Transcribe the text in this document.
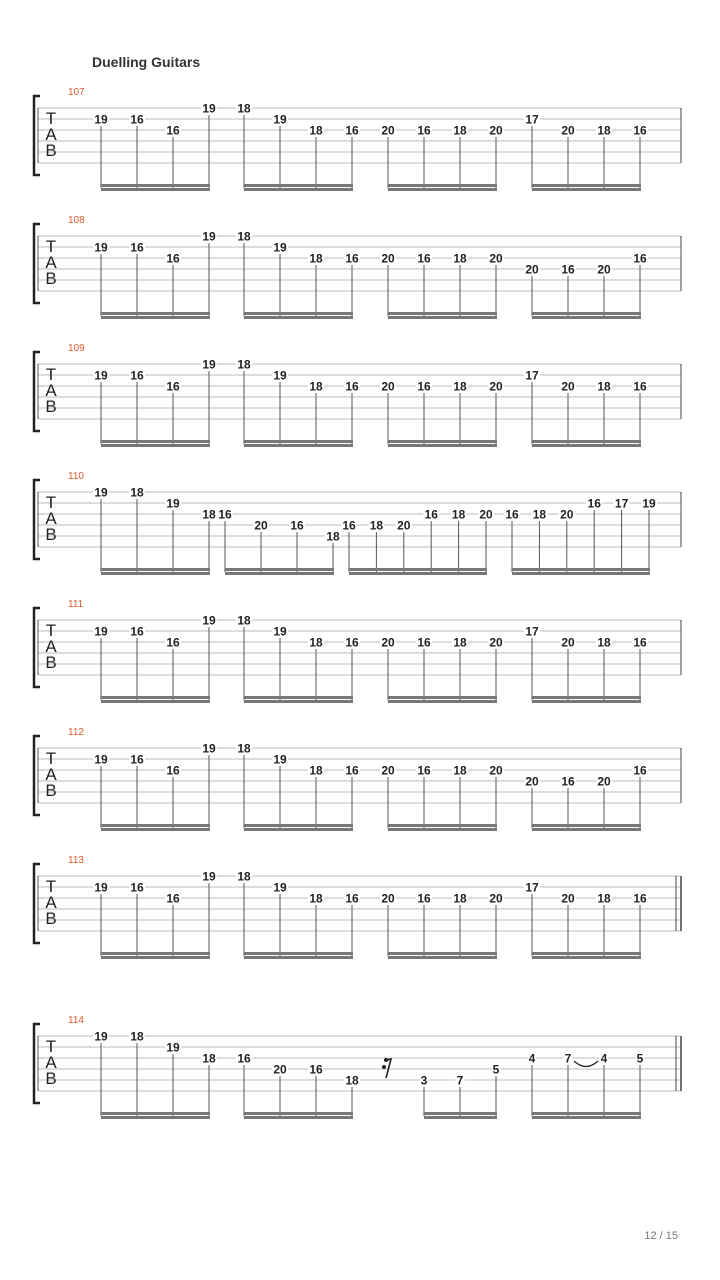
Duelling Guitars
107
T
A
B
19 16
16
19 18
19
18 16 20 16 18 20
17
20 18 16
108
T
A
B
19 16
16
19 18
19
18 16 20 16 18 20
20 16 20
16
109
T
A
B
19 16
16
19 18
19
18 16 20 16 18 20
17
20 18 16
110
T
A
B
19 18
19
18 16
20 16
18
16 18 20
16 18 20 16 18 20
16 17 19
111
T
A
B
19 16
16
19 18
19
18 16 20 16 18 20
17
20 18 16
112
T
A
B
19 16
16
19 18
19
18 16 20 16 18 20
20 16 20
16
113
T
A
B
19 16
16
19 18
19
18 16 20 16 18 20
17
20 18 16
114
T
A
B
19 18
19
18 16
20 16
18	3 7
5
4 7 4 5
12 / 15
